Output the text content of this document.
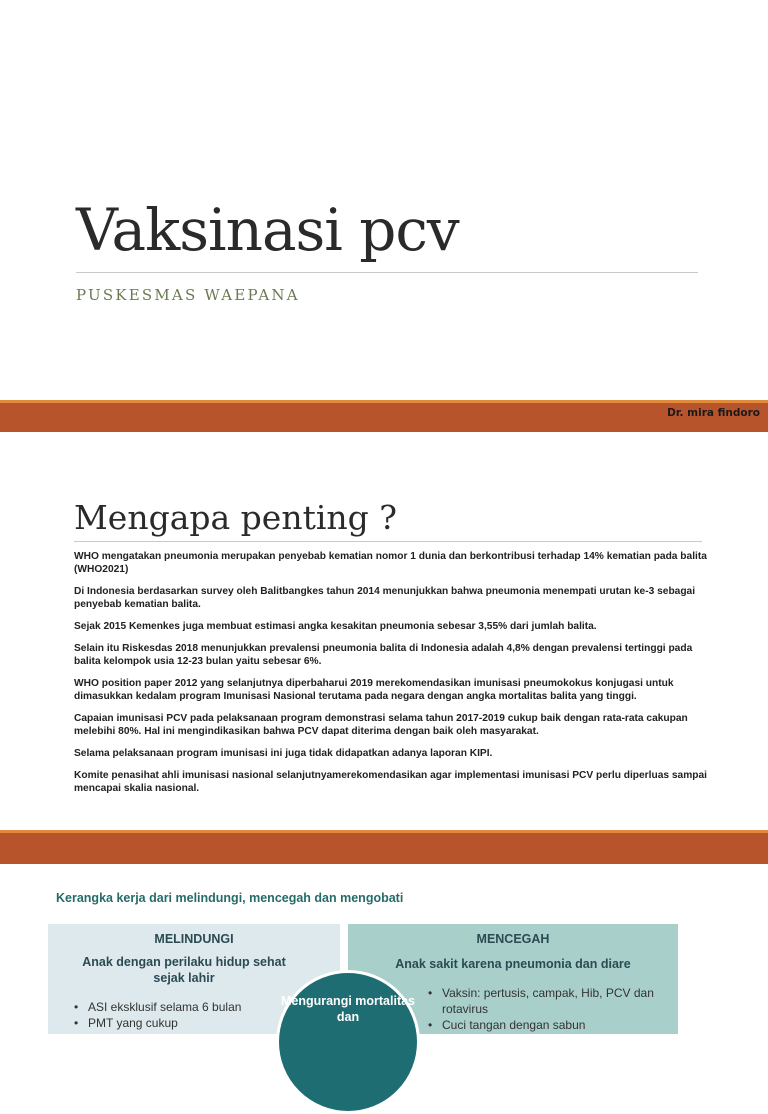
Vaksinasi pcv
PUSKESMAS WAEPANA
Dr. mira findoro
Mengapa penting ?

WHO mengatakan pneumonia merupakan penyebab kematian nomor 1 dunia dan berkontribusi terhadap 14% kematian pada balita (WHO2021)

Di Indonesia berdasarkan survey oleh Balitbangkes tahun 2014 menunjukkan bahwa pneumonia menempati urutan ke-3 sebagai penyebab kematian balita.

Sejak 2015 Kemenkes juga membuat estimasi angka kesakitan pneumonia sebesar 3,55% dari jumlah balita.

Selain itu Riskesdas 2018 menunjukkan prevalensi pneumonia balita di Indonesia adalah 4,8% dengan prevalensi tertinggi pada balita kelompok usia 12-23 bulan yaitu sebesar 6%.

WHO position paper 2012 yang selanjutnya diperbaharui 2019 merekomendasikan imunisasi pneumokokus konjugasi untuk dimasukkan kedalam program Imunisasi Nasional terutama pada negara dengan angka mortalitas balita yang tinggi.

Capaian imunisasi PCV pada pelaksanaan program demonstrasi selama tahun 2017-2019 cukup baik dengan rata-rata cakupan melebihi 80%. Hal ini mengindikasikan bahwa PCV dapat diterima dengan baik oleh masyarakat.

Selama pelaksanaan program imunisasi ini juga tidak didapatkan adanya laporan KIPI.

Komite penasihat ahli imunisasi nasional selanjutnyamerekomendasikan agar implementasi imunisasi PCV perlu diperluas sampai mencapai skalia nasional.

Kerangka kerja dari melindungi, mencegah dan mengobati
MELINDUNGI
Anak dengan perilaku hidup sehat sejak lahir
• ASI eksklusif selama 6 bulan
• PMT yang cukup
MENCEGAH
Anak sakit karena pneumonia dan diare
• Vaksin: pertusis, campak, Hib, PCV dan rotavirus
• Cuci tangan dengan sabun
Mengurangi mortalitas dan
